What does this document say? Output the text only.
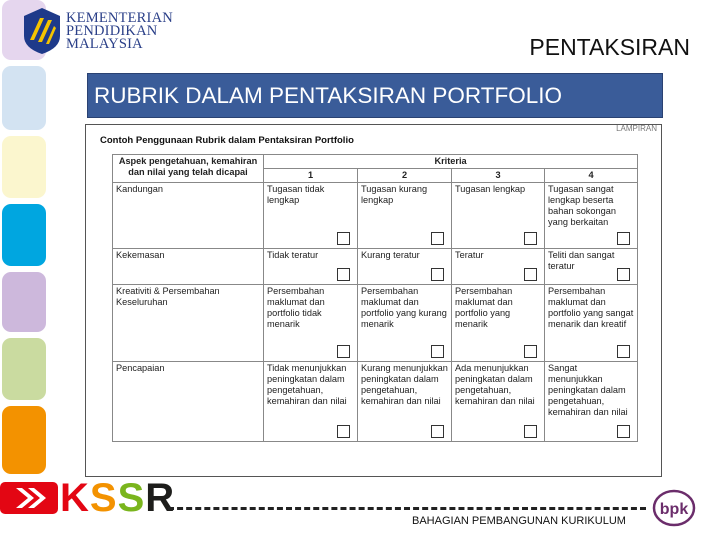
KEMENTERIAN
PENDIDIKAN
MALAYSIA	PENTAKSIRAN
RUBRIK DALAM PENTAKSIRAN PORTFOLIO
LAMPIRAN
Contoh Penggunaan Rubrik dalam Pentaksiran Portfolio
Aspek pengetahuan, kemahiran dan nilai yang telah dicapai	Kriteria			
	1	2	3	4
Kandungan	Tugasan tidak lengkap	Tugasan kurang lengkap	Tugasan lengkap	Tugasan sangat lengkap beserta bahan sokongan yang berkaitan

Kekemasan	Tidak teratur	Kurang teratur	Teratur	Teliti dan sangat teratur

Kreativiti & Persembahan Keseluruhan	Persembahan maklumat dan portfolio tidak menarik	Persembahan maklumat dan portfolio yang kurang menarik	Persembahan maklumat dan portfolio yang menarik	Persembahan maklumat dan portfolio yang sangat menarik dan kreatif

Pencapaian	Tidak menunjukkan peningkatan dalam pengetahuan, kemahiran dan nilai	Kurang menunjukkan peningkatan dalam pengetahuan, kemahiran dan nilai	Ada menunjukkan peningkatan dalam pengetahuan, kemahiran dan nilai	Sangat menunjukkan peningkatan dalam pengetahuan, kemahiran dan nilai
KSSR
BAHAGIAN PEMBANGUNAN KURIKULUM
bpk
